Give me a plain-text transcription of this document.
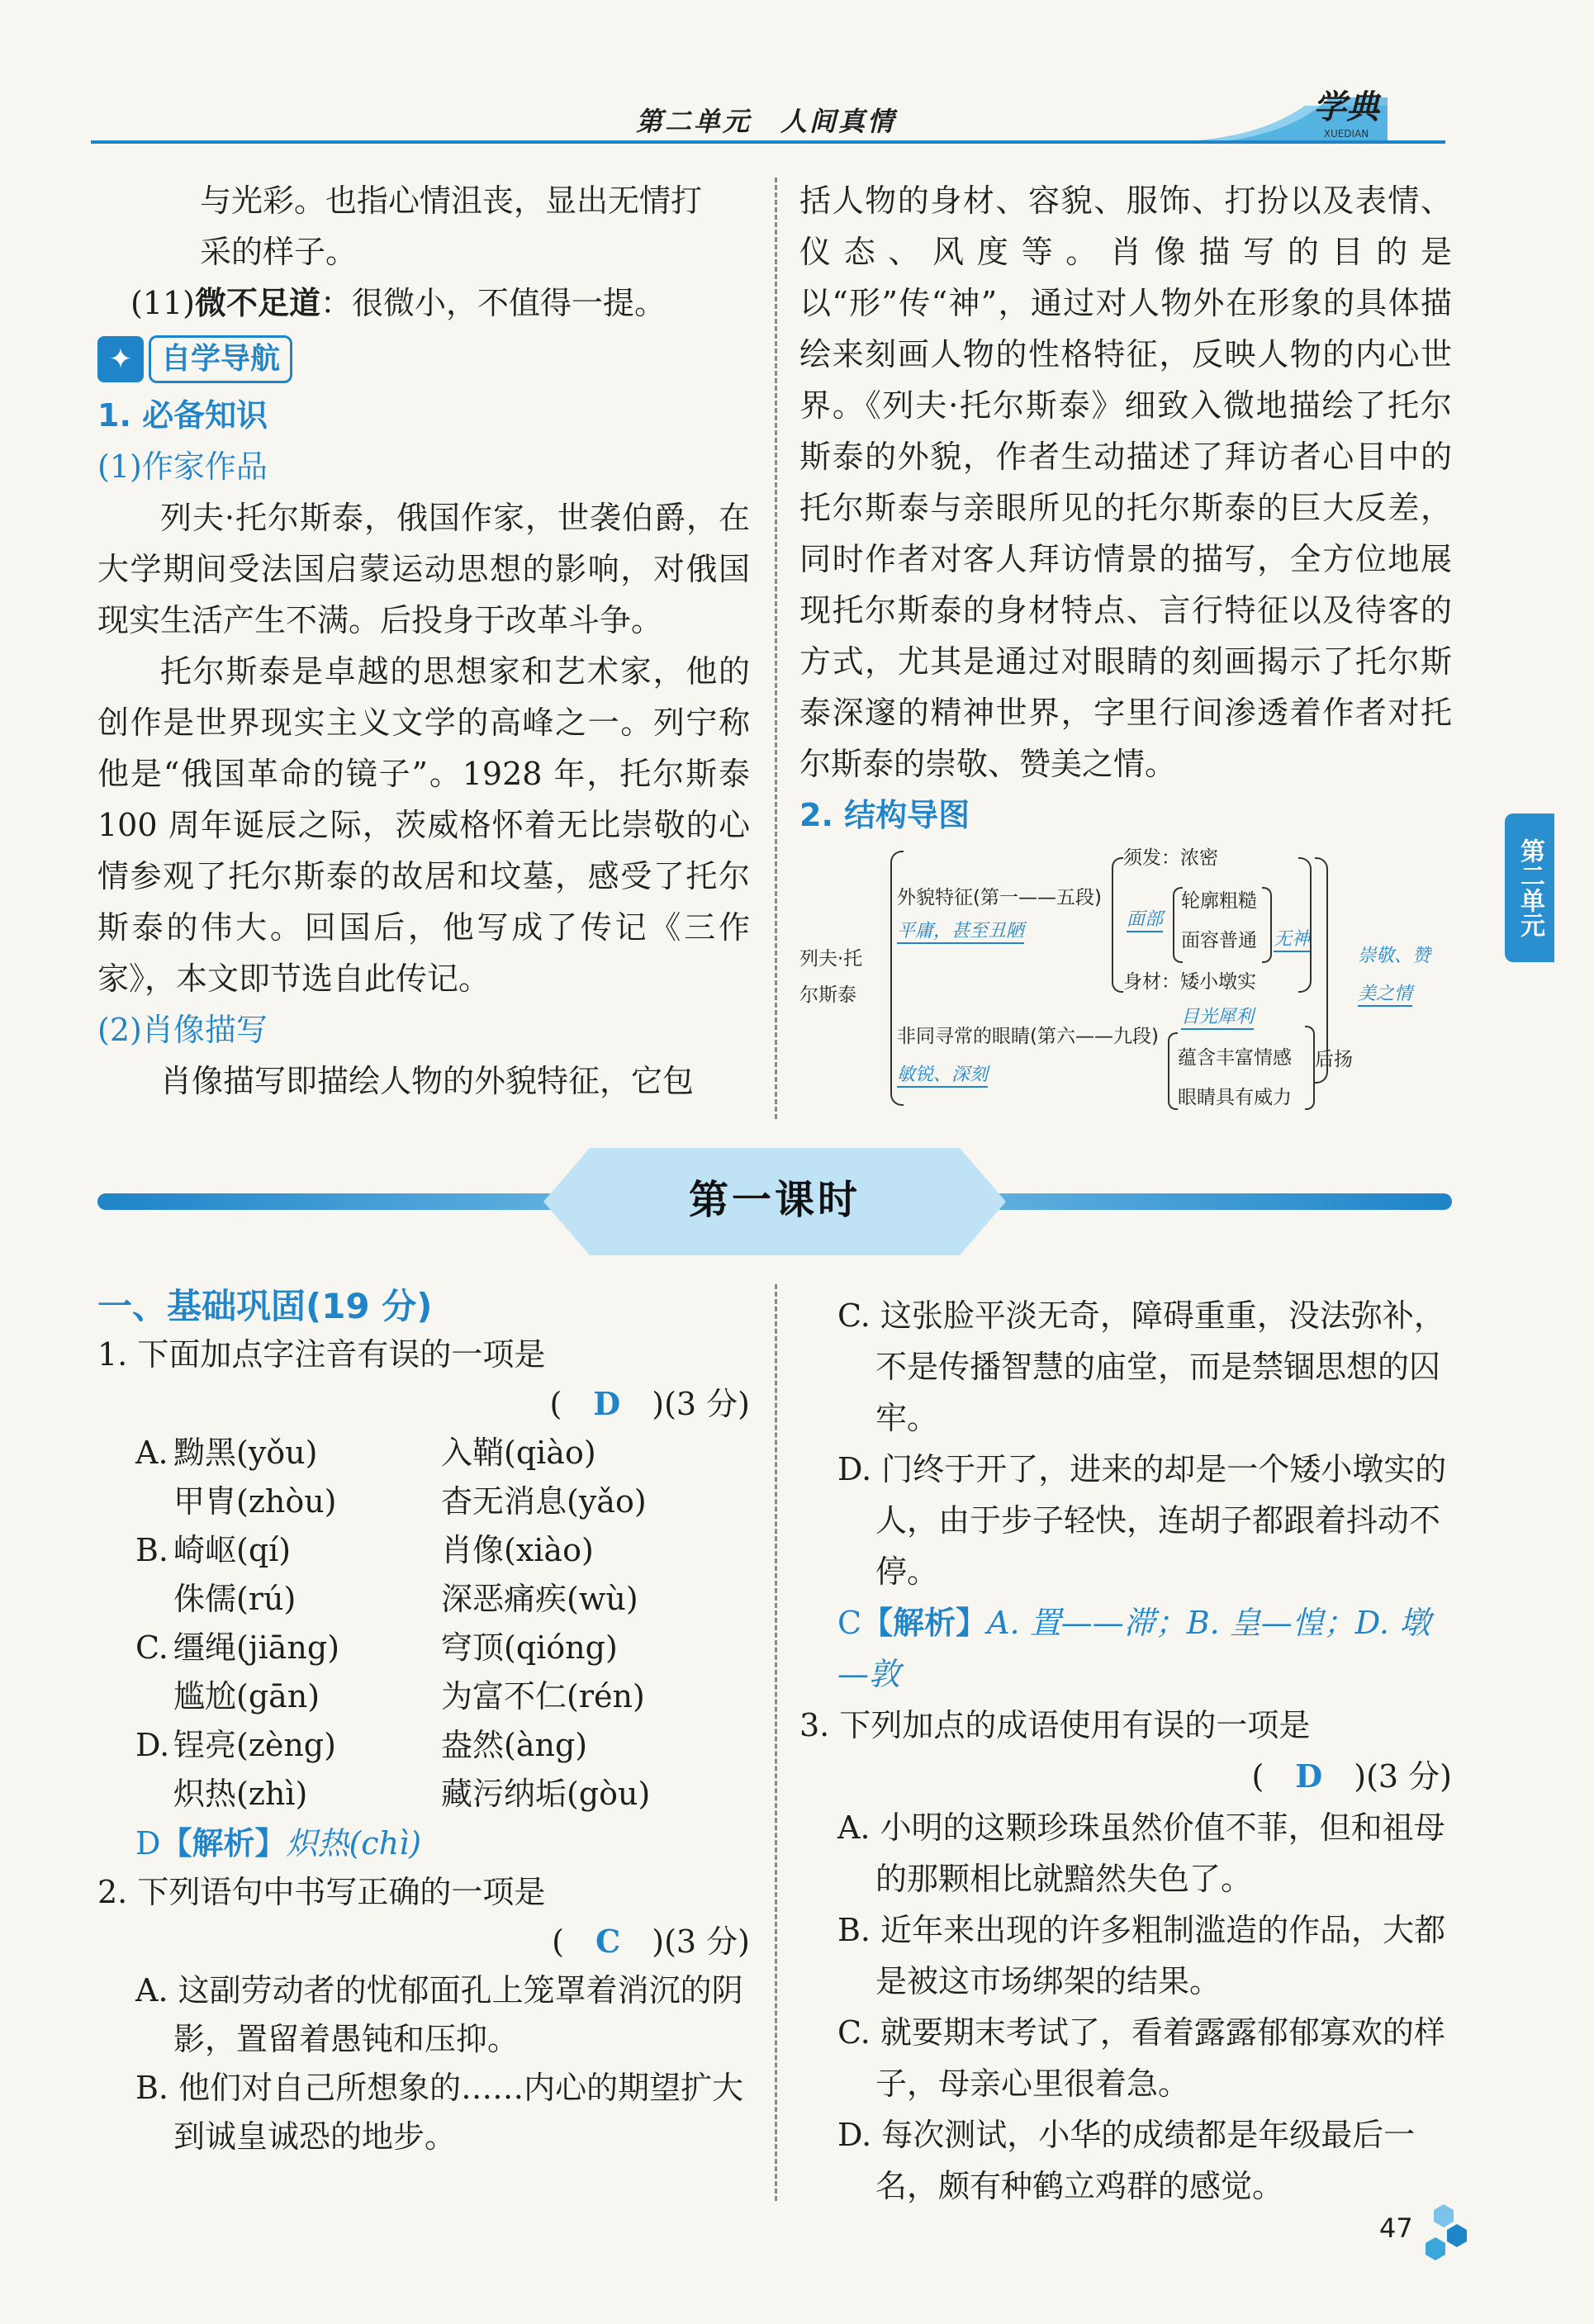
第二单元　人间真情	学典
XUEDIAN
第二单元

与光彩。也指心情沮丧，显出无情打

采的样子。

(11)微不足道：很微小，不值得一提。

✦ 自学导航

1. 必备知识

(1)作家作品

列夫·托尔斯泰，俄国作家，世袭伯爵，在大学期间受法国启蒙运动思想的影响，对俄国现实生活产生不满。后投身于改革斗争。

托尔斯泰是卓越的思想家和艺术家，他的创作是世界现实主义文学的高峰之一。列宁称他是“俄国革命的镜子”。1928 年，托尔斯泰 100 周年诞辰之际，茨威格怀着无比崇敬的心情参观了托尔斯泰的故居和坟墓，感受了托尔斯泰的伟大。回国后，他写成了传记《三作家》，本文即节选自此传记。

(2)肖像描写

肖像描写即描绘人物的外貌特征，它包

括人物的身材、容貌、服饰、打扮以及表情、仪态、风度等。肖像描写的目的是以“形”传“神”，通过对人物外在形象的具体描绘来刻画人物的性格特征，反映人物的内心世界。《列夫·托尔斯泰》细致入微地描绘了托尔斯泰的外貌，作者生动描述了拜访者心目中的托尔斯泰与亲眼所见的托尔斯泰的巨大反差，同时作者对客人拜访情景的描写，全方位地展现托尔斯泰的身材特点、言行特征以及待客的方式，尤其是通过对眼睛的刻画揭示了托尔斯泰深邃的精神世界，字里行间渗透着作者对托尔斯泰的崇敬、赞美之情。

2. 结构导图

列夫·托
尔斯泰
外貌特征(第一——五段)
平庸，甚至丑陋
须发：浓密
面部
轮廓粗糙
面容普通 无神
身材：矮小墩实
崇敬、赞
美之情
非同寻常的眼睛(第六——九段)
敏锐、深刻
目光犀利
蕴含丰富情感
眼睛具有威力
后扬
第一课时

一、基础巩固(19 分)

1. 下面加点字注音有误的一项是

(　 D　 )(3 分)

A. 黝黑(yǒu)	入鞘(qiào)
甲胄(zhòu)	杳无消息(yǎo)
B. 崎岖(qí)	肖像(xiào)
侏儒(rú)	深恶痛疾(wù)
C. 缰绳(jiāng)	穹顶(qióng)
尴尬(gān)	为富不仁(rén)
D. 锃亮(zèng)	盎然(àng)
炽热(zhì)	藏污纳垢(gòu)

D【解析】炽热(chì)

2. 下列语句中书写正确的一项是

(　 C　 )(3 分)

A. 这副劳动者的忧郁面孔上笼罩着消沉的阴影，置留着愚钝和压抑。

B. 他们对自己所想象的……内心的期望扩大到诚皇诚恐的地步。

C. 这张脸平淡无奇，障碍重重，没法弥补，不是传播智慧的庙堂，而是禁锢思想的囚牢。

D. 门终于开了，进来的却是一个矮小墩实的人，由于步子轻快，连胡子都跟着抖动不停。

C【解析】A. 置——滞；B. 皇—惶；D. 墩—敦

3. 下列加点的成语使用有误的一项是

(　 D　 )(3 分)

A. 小明的这颗珍珠虽然价值不菲，但和祖母的那颗相比就黯然失色了。

B. 近年来出现的许多粗制滥造的作品，大都是被这市场绑架的结果。

C. 就要期末考试了，看着露露郁郁寡欢的样子，母亲心里很着急。

D. 每次测试，小华的成绩都是年级最后一名，颇有种鹤立鸡群的感觉。

47
